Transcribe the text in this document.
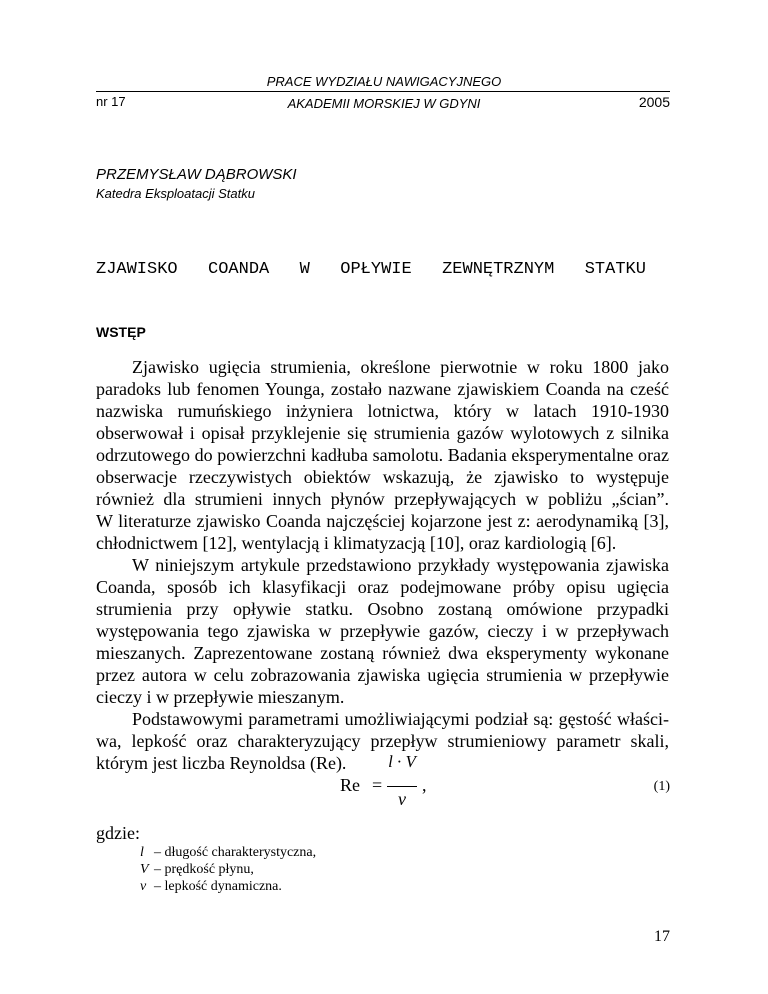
PRACE WYDZIAŁU NAWIGACYJNEGO
nr 17	AKADEMII MORSKIEJ W GDYNI	2005
PRZEMYSŁAW DĄBROWSKI
Katedra Eksploatacji Statku
ZJAWISKO COANDA W OPŁYWIE ZEWNĘTRZNYM STATKU
WSTĘP
Zjawisko ugięcia strumienia, określone pierwotnie w roku 1800 jako
paradoks lub fenomen Younga, zostało nazwane zjawiskiem Coanda na cześć
nazwiska rumuńskiego inżyniera lotnictwa, który w latach 1910-1930
obserwował i opisał przyklejenie się strumienia gazów wylotowych z silnika
odrzutowego do powierzchni kadłuba samolotu. Badania eksperymentalne oraz
obserwacje rzeczywistych obiektów wskazują, że zjawisko to występuje
również dla strumieni innych płynów przepływających w pobliżu „ścian”.
W literaturze zjawisko Coanda najczęściej kojarzone jest z: aerodynamiką [3],
chłodnictwem [12], wentylacją i klimatyzacją [10], oraz kardiologią [6].
W niniejszym artykule przedstawiono przykłady występowania zjawiska
Coanda, sposób ich klasyfikacji oraz podejmowane próby opisu ugięcia
strumienia przy opływie statku. Osobno zostaną omówione przypadki
występowania tego zjawiska w przepływie gazów, cieczy i w przepływach
mieszanych. Zaprezentowane zostaną również dwa eksperymenty wykonane
przez autora w celu zobrazowania zjawiska ugięcia strumienia w przepływie
cieczy i w przepływie mieszanym.
Podstawowymi parametrami umożliwiającymi podział są: gęstość właści-
wa, lepkość oraz charakteryzujący przepływ strumieniowy parametr skali,
którym jest liczba Reynoldsa (Re).
Re =
l · V
ν
,	(1)
gdzie:
l – długość charakterystyczna,
V – prędkość płynu,
ν – lepkość dynamiczna.
17
